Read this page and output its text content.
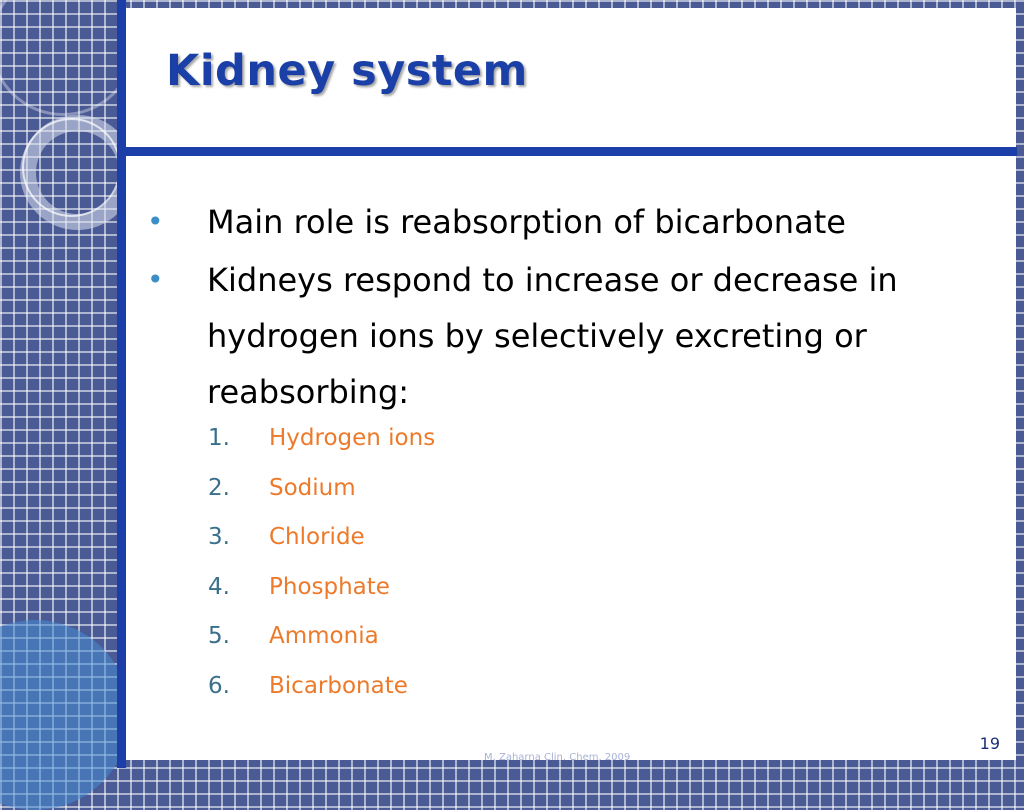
Kidney system
• Main role is reabsorption of bicarbonate
• Kidneys respond to increase or decrease in hydrogen ions by selectively excreting or reabsorbing:
1. Hydrogen ions
2. Sodium
3. Chloride
4. Phosphate
5. Ammonia
6. Bicarbonate
19
M. Zaharna Clin. Chem. 2009
